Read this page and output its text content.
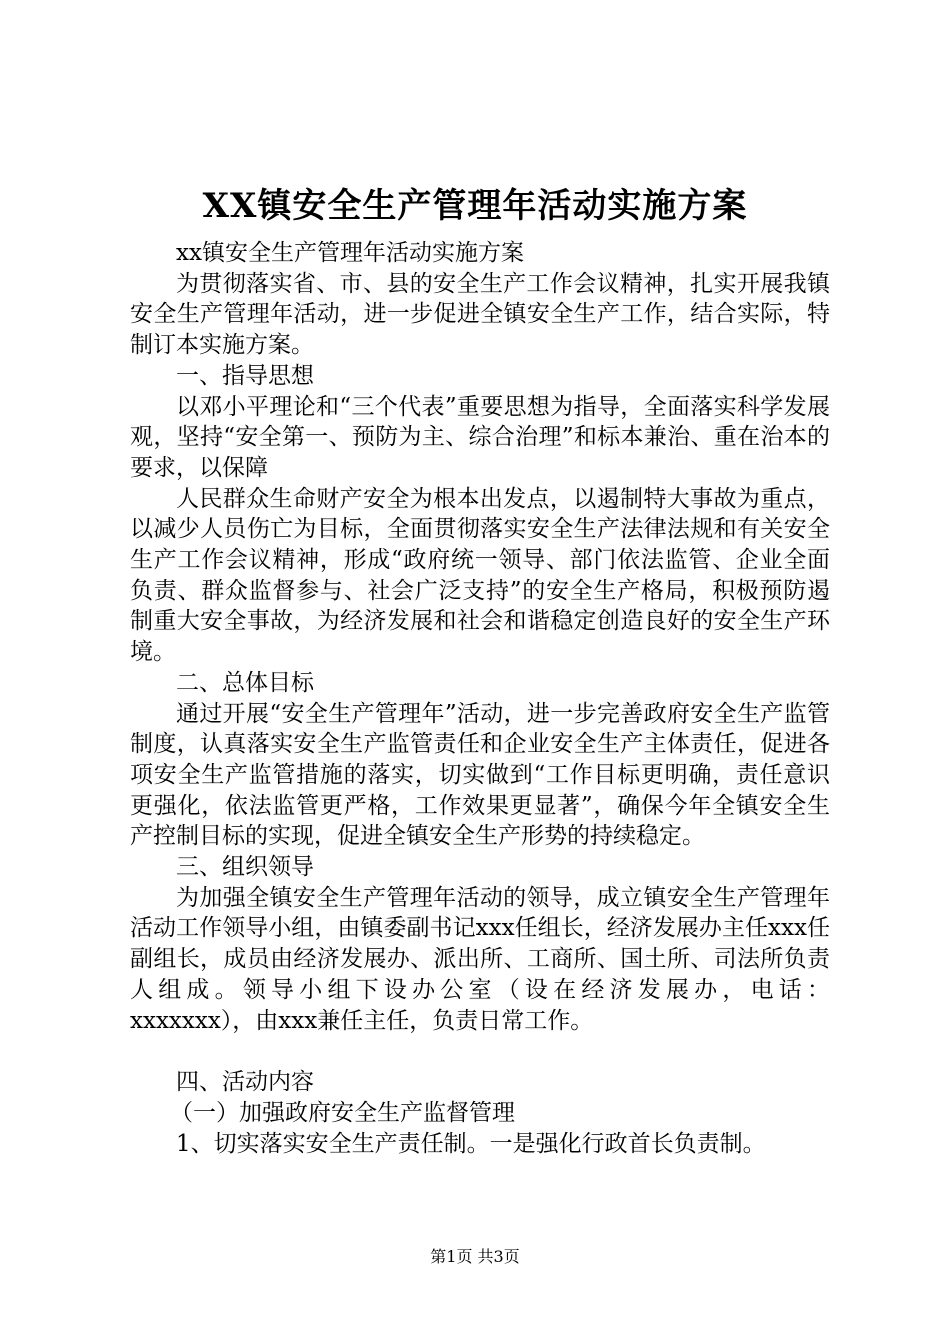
XX镇安全生产管理年活动实施方案

xx镇安全生产管理年活动实施方案

为贯彻落实省、市、县的安全生产工作会议精神，扎实开展我镇安全生产管理年活动，进一步促进全镇安全生产工作，结合实际，特制订本实施方案。

一、指导思想

以邓小平理论和“三个代表”重要思想为指导，全面落实科学发展观，坚持“安全第一、预防为主、综合治理”和标本兼治、重在治本的要求，以保障

人民群众生命财产安全为根本出发点，以遏制特大事故为重点，以减少人员伤亡为目标，全面贯彻落实安全生产法律法规和有关安全生产工作会议精神，形成“政府统一领导、部门依法监管、企业全面负责、群众监督参与、社会广泛支持”的安全生产格局，积极预防遏制重大安全事故，为经济发展和社会和谐稳定创造良好的安全生产环境。

二、总体目标

通过开展“安全生产管理年”活动，进一步完善政府安全生产监管制度，认真落实安全生产监管责任和企业安全生产主体责任，促进各项安全生产监管措施的落实，切实做到“工作目标更明确，责任意识更强化，依法监管更严格，工作效果更显著”，确保今年全镇安全生产控制目标的实现，促进全镇安全生产形势的持续稳定。

三、组织领导

为加强全镇安全生产管理年活动的领导，成立镇安全生产管理年活动工作领导小组，由镇委副书记xxx任组长，经济发展办主任xxx任副组长，成员由经济发展办、派出所、工商所、国土所、司法所负责人组成。领导小组下设办公室（设在经济发展办，电话：xxxxxxx），由xxx兼任主任，负责日常工作。

四、活动内容

（一）加强政府安全生产监督管理

1、切实落实安全生产责任制。一是强化行政首长负责制。

第1页 共3页
